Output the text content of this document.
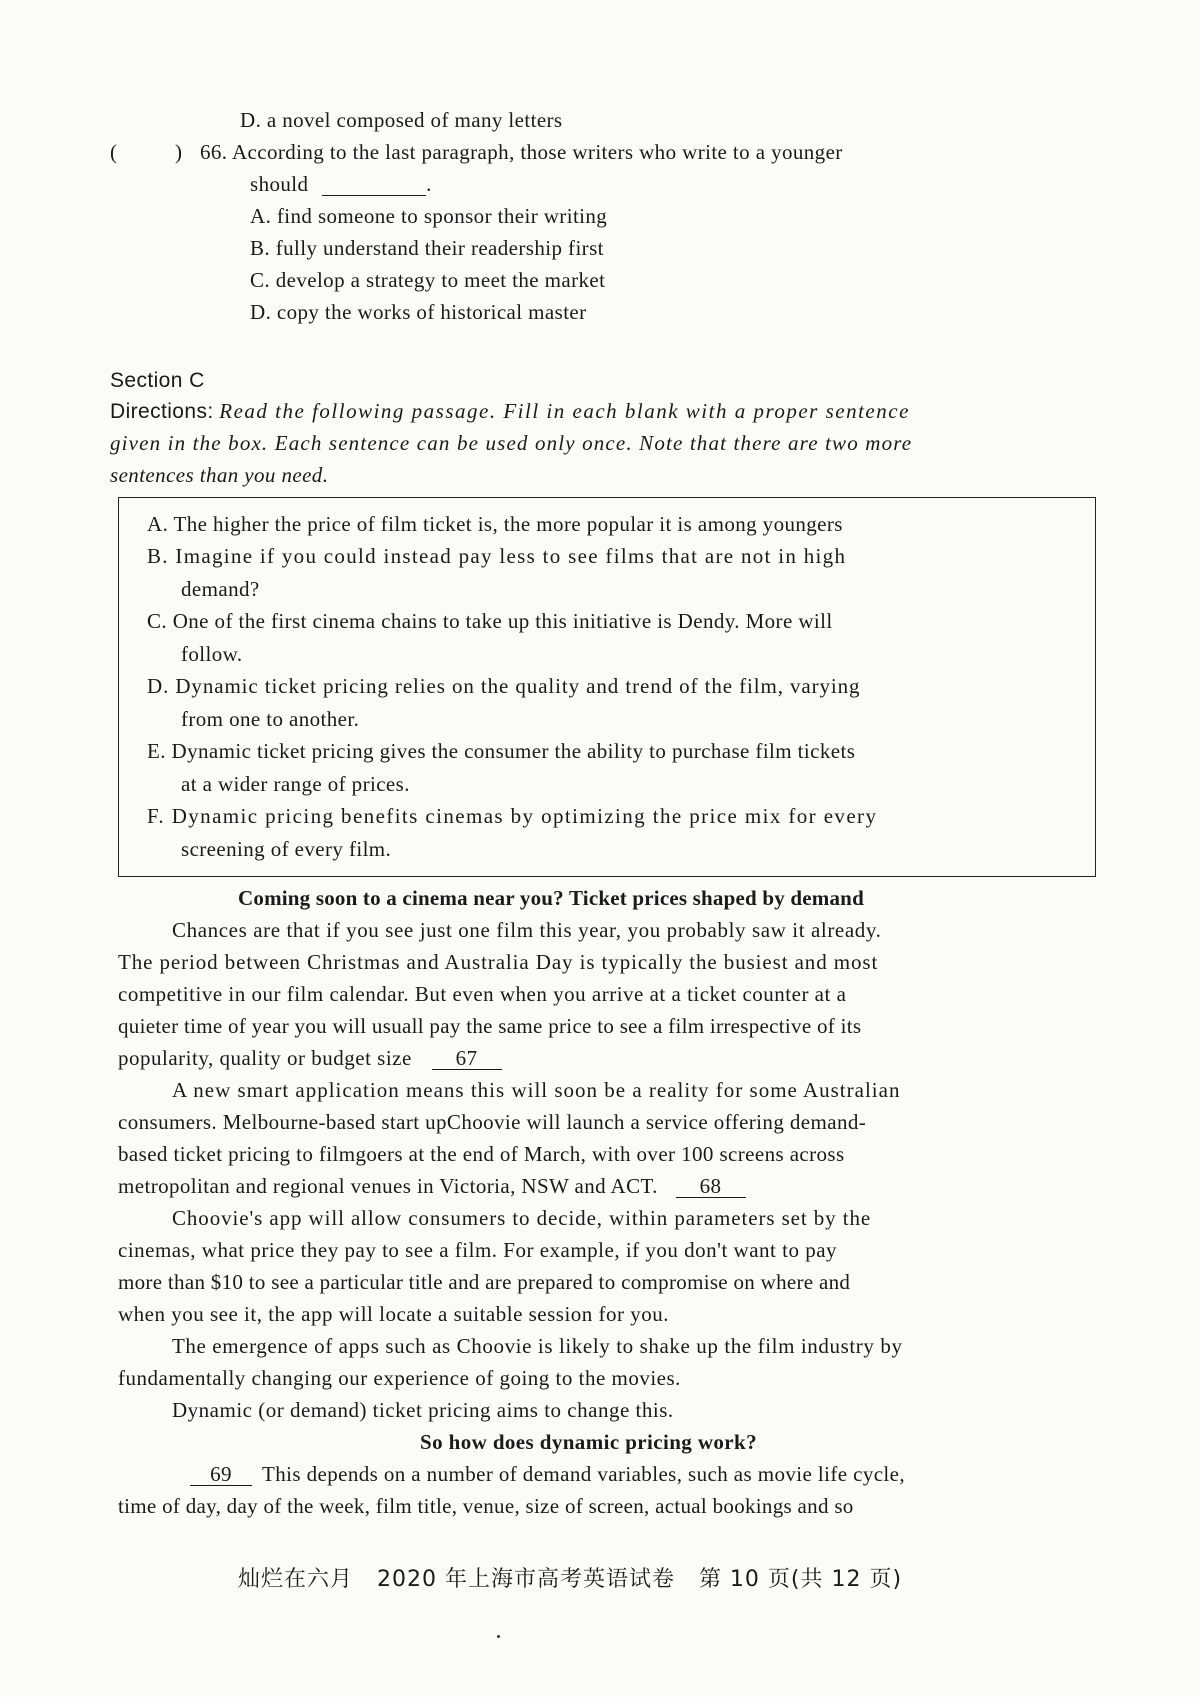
D. a novel composed of many letters
(	) 66. According to the last paragraph, those writers who write to a younger
should	.
A. find someone to sponsor their writing
B. fully understand their readership first
C. develop a strategy to meet the market
D. copy the works of historical master
Section C
Directions: Read the following passage. Fill in each blank with a proper sentence
given in the box. Each sentence can be used only once. Note that there are two more
sentences than you need.
A. The higher the price of film ticket is, the more popular it is among youngers
B. Imagine if you could instead pay less to see films that are not in high
demand?
C. One of the first cinema chains to take up this initiative is Dendy. More will
follow.
D. Dynamic ticket pricing relies on the quality and trend of the film, varying
from one to another.
E. Dynamic ticket pricing gives the consumer the ability to purchase film tickets
at a wider range of prices.
F. Dynamic pricing benefits cinemas by optimizing the price mix for every
screening of every film.
Coming soon to a cinema near you? Ticket prices shaped by demand
Chances are that if you see just one film this year, you probably saw it already.
The period between Christmas and Australia Day is typically the busiest and most
competitive in our film calendar. But even when you arrive at a ticket counter at a
quieter time of year you will usuall pay the same price to see a film irrespective of its
popularity, quality or budget size 67
A new smart application means this will soon be a reality for some Australian
consumers. Melbourne-based start upChoovie will launch a service offering demand-
based ticket pricing to filmgoers at the end of March, with over 100 screens across
metropolitan and regional venues in Victoria, NSW and ACT. 68
Choovie's app will allow consumers to decide, within parameters set by the
cinemas, what price they pay to see a film. For example, if you don't want to pay
more than $10 to see a particular title and are prepared to compromise on where and
when you see it, the app will locate a suitable session for you.
The emergence of apps such as Choovie is likely to shake up the film industry by
fundamentally changing our experience of going to the movies.
Dynamic (or demand) ticket pricing aims to change this.
So how does dynamic pricing work?
69 This depends on a number of demand variables, such as movie life cycle,
time of day, day of the week, film title, venue, size of screen, actual bookings and so
灿烂在六月   2020 年上海市高考英语试卷   第 10 页(共 12 页)
